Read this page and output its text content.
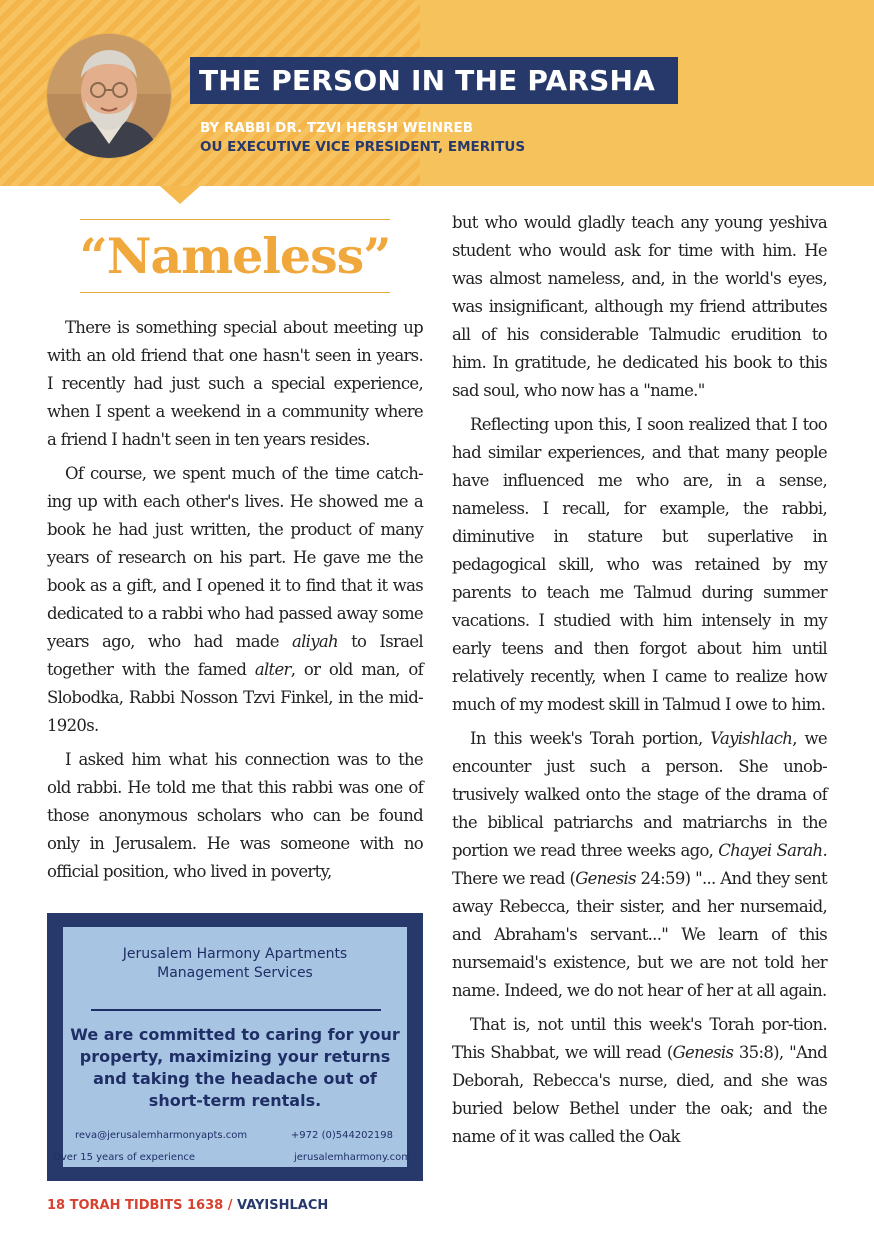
THE PERSON IN THE PARSHA
BY RABBI DR. TZVI HERSH WEINREB
OU EXECUTIVE VICE PRESIDENT, EMERITUS
“Nameless”

There is something special about meeting up with an old friend that one hasn't seen in years. I recently had just such a special experience, when I spent a weekend in a community where a friend I hadn't seen in ten years resides.

Of course, we spent much of the time catch-ing up with each other's lives. He showed me a book he had just written, the product of many years of research on his part. He gave me the book as a gift, and I opened it to find that it was dedicated to a rabbi who had passed away some years ago, who had made aliyah to Israel together with the famed alter, or old man, of Slobodka, Rabbi Nosson Tzvi Finkel, in the mid-1920s.

I asked him what his connection was to the old rabbi. He told me that this rabbi was one of those anonymous scholars who can be found only in Jerusalem. He was someone with no official position, who lived in poverty,

but who would gladly teach any young yeshiva student who would ask for time with him. He was almost nameless, and, in the world's eyes, was insignificant, although my friend attributes all of his considerable Talmudic erudition to him. In gratitude, he dedicated his book to this sad soul, who now has a "name."

Reflecting upon this, I soon realized that I too had similar experiences, and that many people have influenced me who are, in a sense, nameless. I recall, for example, the rabbi, diminutive in stature but superlative in pedagogical skill, who was retained by my parents to teach me Talmud during summer vacations. I studied with him intensely in my early teens and then forgot about him until relatively recently, when I came to realize how much of my modest skill in Talmud I owe to him.

In this week's Torah portion, Vayishlach, we encounter just such a person. She unob-trusively walked onto the stage of the drama of the biblical patriarchs and matriarchs in the portion we read three weeks ago, Chayei Sarah. There we read (Genesis 24:59) "... And they sent away Rebecca, their sister, and her nursemaid, and Abraham's servant..." We learn of this nursemaid's existence, but we are not told her name. Indeed, we do not hear of her at all again.

That is, not until this week's Torah por-tion. This Shabbat, we will read (Genesis 35:8), "And Deborah, Rebecca's nurse, died, and she was buried below Bethel under the oak; and the name of it was called the Oak

Jerusalem Harmony Apartments
Management Services
We are committed to caring for your
property, maximizing your returns
and taking the headache out of
short-term rentals.
reva@jerusalemharmonyapts.com	+972 (0)544202198
Over 15 years of experience	jerusalemharmony.com
18 TORAH TIDBITS 1638 / VAYISHLACH
